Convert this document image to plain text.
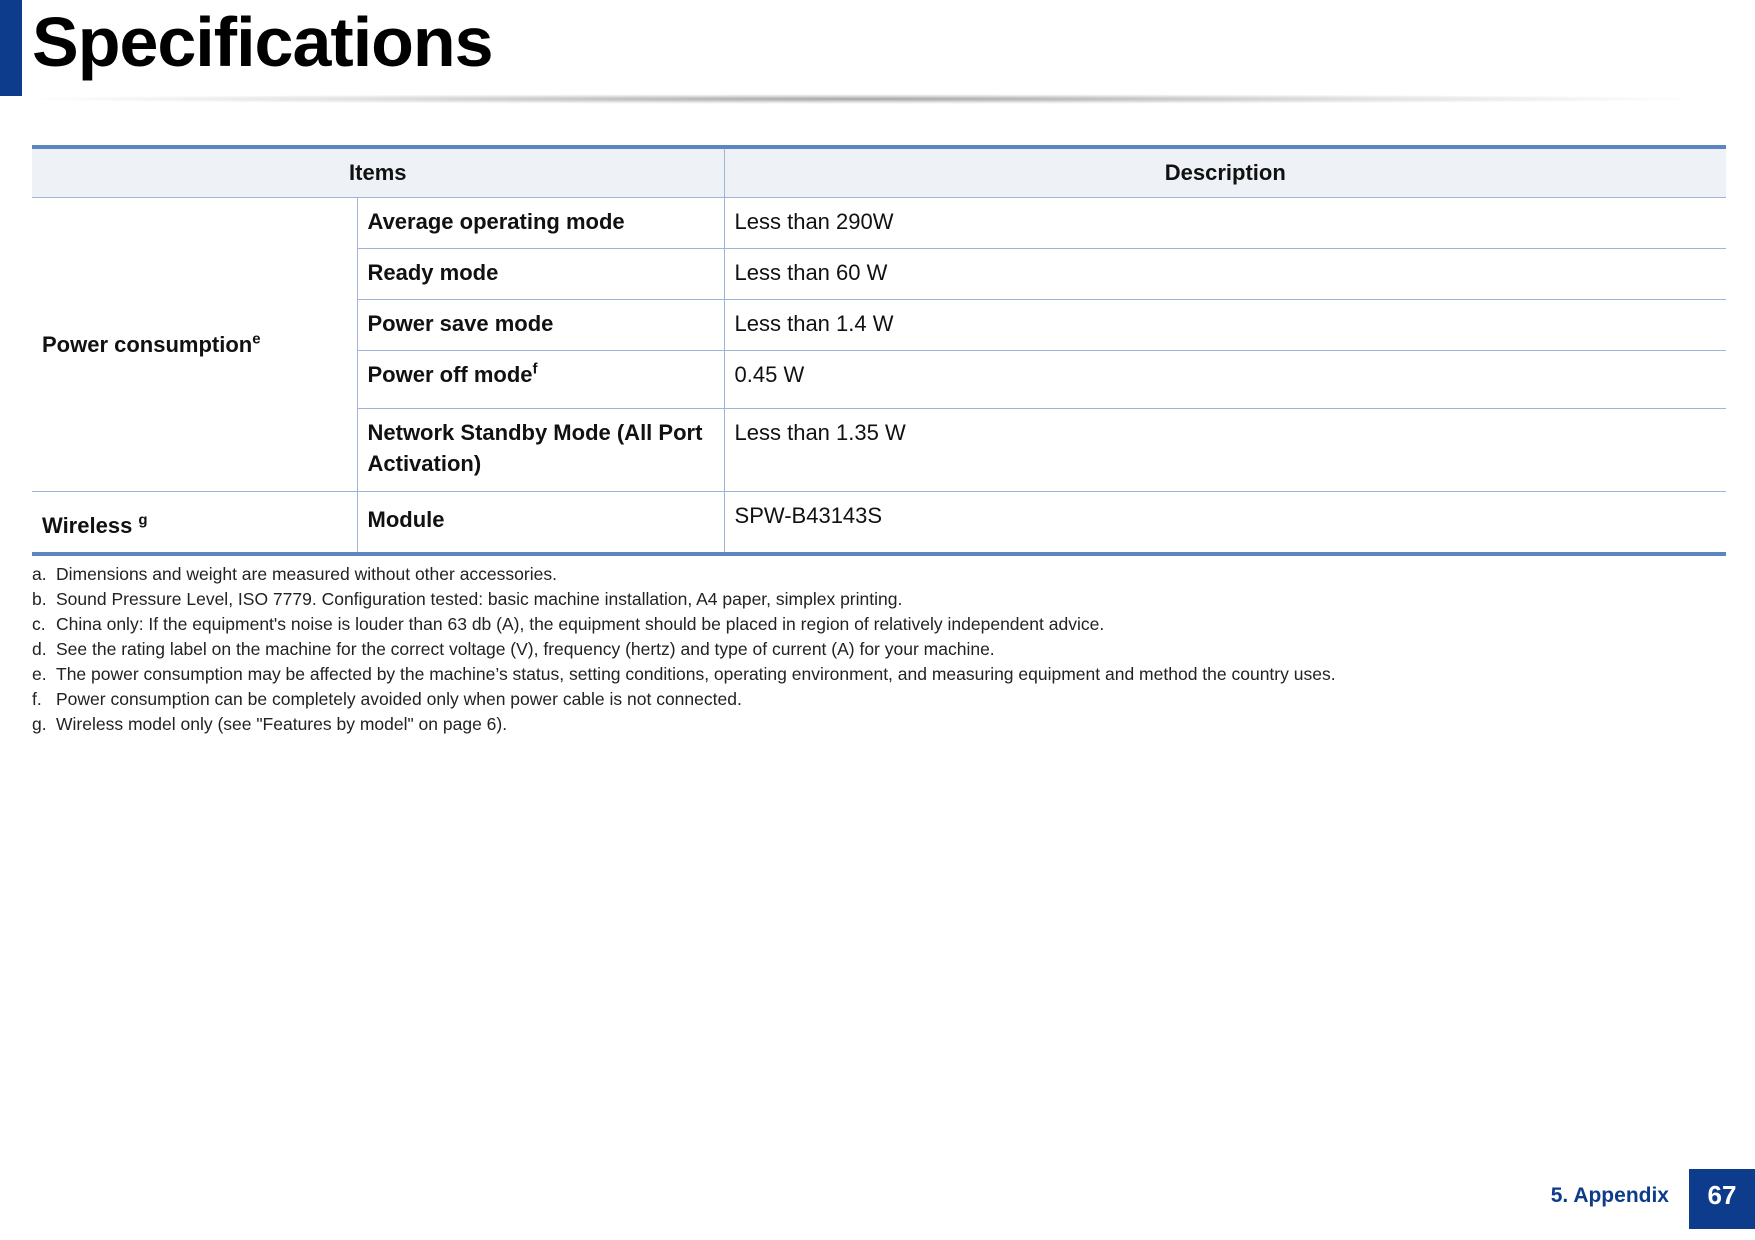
Specifications
Items		Description
Power consumption$^e$	Average operating mode	Less than 290W
	Ready mode	Less than 60 W
	Power save mode	Less than 1.4 W
	Power off mode$^f$	0.45 W
	Network Standby Mode (All Port Activation)	Less than 1.35 W
Wireless $^g$	Module	SPW-B43143S
a. Dimensions and weight are measured without other accessories.
b. Sound Pressure Level, ISO 7779. Configuration tested: basic machine installation, A4 paper, simplex printing.
c. China only: If the equipment's noise is louder than 63 db (A), the equipment should be placed in region of relatively independent advice.
d. See the rating label on the machine for the correct voltage (V), frequency (hertz) and type of current (A) for your machine.
e. The power consumption may be affected by the machine’s status, setting conditions, operating environment, and measuring equipment and method the country uses.
f. Power consumption can be completely avoided only when power cable is not connected.
g. Wireless model only (see "Features by model" on page 6).
5. Appendix	67
